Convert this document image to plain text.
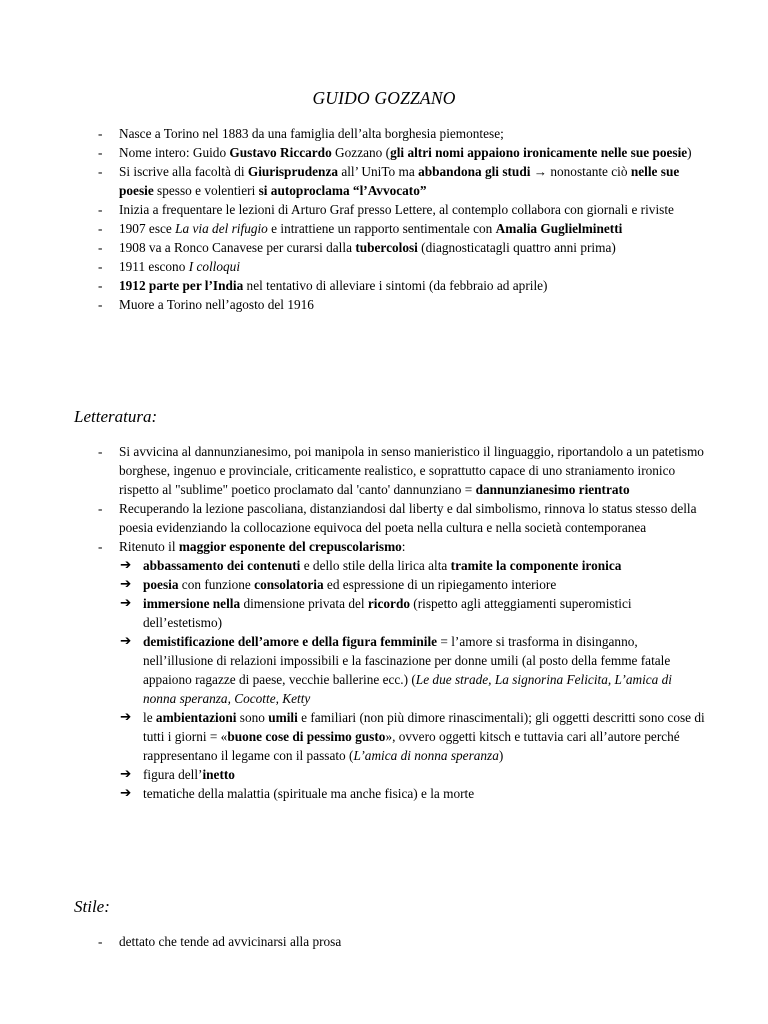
GUIDO GOZZANO
- Nasce a Torino nel 1883 da una famiglia dell’alta borghesia piemontese;
- Nome intero: Guido Gustavo Riccardo Gozzano (gli altri nomi appaiono ironicamente nelle sue poesie)
- Si iscrive alla facoltà di Giurisprudenza all’ UniTo ma abbandona gli studi → nonostante ciò nelle sue poesie spesso e volentieri si autoproclama “l’Avvocato”
- Inizia a frequentare le lezioni di Arturo Graf presso Lettere, al contemplo collabora con giornali e riviste
- 1907 esce La via del rifugio e intrattiene un rapporto sentimentale con Amalia Guglielminetti
- 1908 va a Ronco Canavese per curarsi dalla tubercolosi (diagnosticatagli quattro anni prima)
- 1911 escono I colloqui
- 1912 parte per l’India nel tentativo di alleviare i sintomi (da febbraio ad aprile)
- Muore a Torino nell’agosto del 1916
Letteratura:
- Si avvicina al dannunzianesimo, poi manipola in senso manieristico il linguaggio, riportandolo a un patetismo borghese, ingenuo e provinciale, criticamente realistico, e soprattutto capace di uno straniamento ironico rispetto al "sublime" poetico proclamato dal 'canto' dannunziano = dannunzianesimo rientrato
- Recuperando la lezione pascoliana, distanziandosi dal liberty e dal simbolismo, rinnova lo status stesso della poesia evidenziando la collocazione equivoca del poeta nella cultura e nella società contemporanea
- Ritenuto il maggior esponente del crepuscolarismo:
➔ abbassamento dei contenuti e dello stile della lirica alta tramite la componente ironica
➔ poesia con funzione consolatoria ed espressione di un ripiegamento interiore
➔ immersione nella dimensione privata del ricordo (rispetto agli atteggiamenti superomistici dell’estetismo)
➔ demistificazione dell’amore e della figura femminile = l’amore si trasforma in disinganno, nell’illusione di relazioni impossibili e la fascinazione per donne umili (al posto della femme fatale appaiono ragazze di paese, vecchie ballerine ecc.) (Le due strade, La signorina Felicita, L’amica di nonna speranza, Cocotte, Ketty
➔ le ambientazioni sono umili e familiari (non più dimore rinascimentali); gli oggetti descritti sono cose di tutti i giorni = «buone cose di pessimo gusto», ovvero oggetti kitsch e tuttavia cari all’autore perché rappresentano il legame con il passato (L’amica di nonna speranza)
➔ figura dell’inetto
➔ tematiche della malattia (spirituale ma anche fisica) e la morte
Stile:
- dettato che tende ad avvicinarsi alla prosa
